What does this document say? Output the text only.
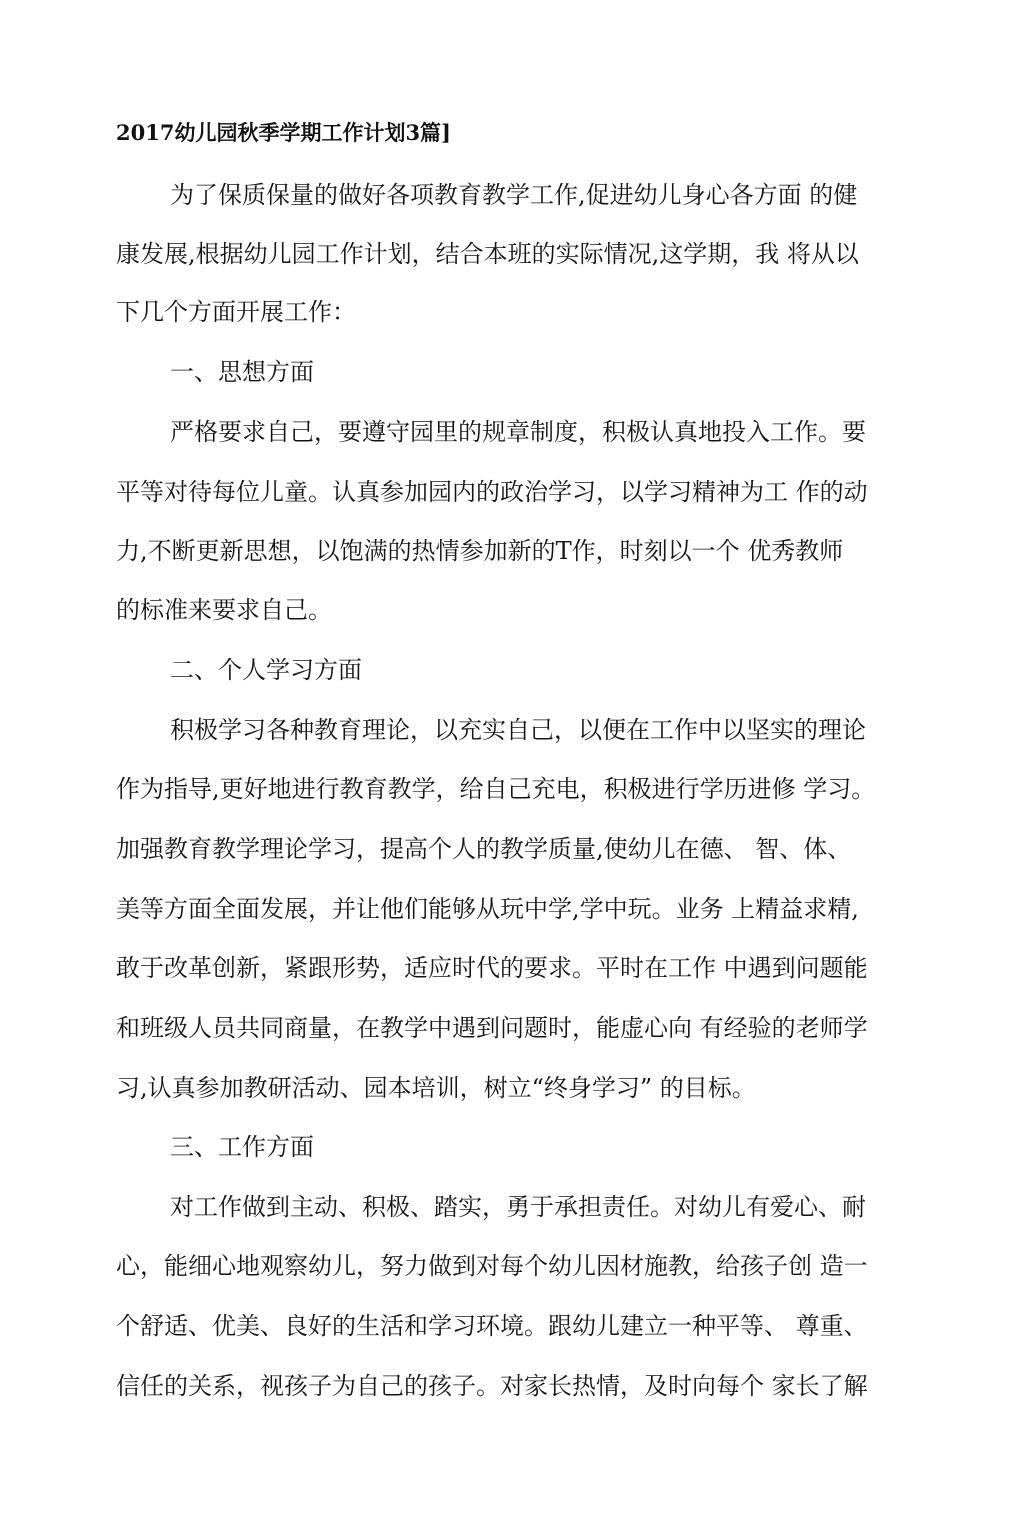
2017幼儿园秋季学期工作计划3篇]
为了保质保量的做好各项教育教学工作,促进幼儿身心各方面 的健
康发展,根据幼儿园工作计划，结合本班的实际情况,这学期，我 将从以
下几个方面开展工作：
一、思想方面
严格要求自己，要遵守园里的规章制度，积极认真地投入工作。要
平等对待每位儿童。认真参加园内的政治学习，以学习精神为工 作的动
力,不断更新思想，以饱满的热情参加新的T作，时刻以一个 优秀教师
的标准来要求自己。
二、个人学习方面
积极学习各种教育理论，以充实自己，以便在工作中以坚实的理论
作为指导,更好地进行教育教学，给自己充电，积极进行学历进修 学习。
加强教育教学理论学习，提高个人的教学质量,使幼儿在德、 智、体、
美等方面全面发展，并让他们能够从玩中学,学中玩。业务 上精益求精,
敢于改革创新，紧跟形势，适应时代的要求。平时在工作 中遇到问题能
和班级人员共同商量，在教学中遇到问题时，能虚心向 有经验的老师学
习,认真参加教研活动、园本培训，树立“终身学习” 的目标。
三、工作方面
对工作做到主动、积极、踏实，勇于承担责任。对幼儿有爱心、耐
心，能细心地观察幼儿，努力做到对每个幼儿因材施教，给孩子创 造一
个舒适、优美、良好的生活和学习环境。跟幼儿建立一种平等、 尊重、
信任的关系，视孩子为自己的孩子。对家长热情，及时向每个 家长了解
